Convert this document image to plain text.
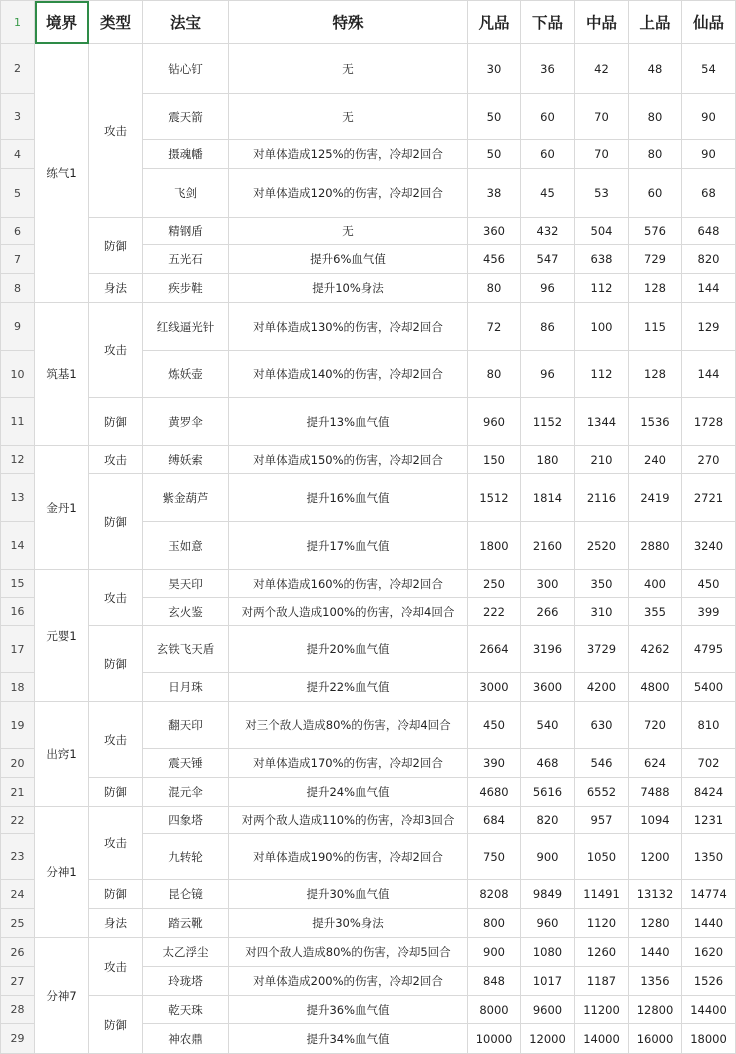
1	境界	类型	法宝	特殊	凡品	下品	中品	上品	仙品
2	练气1	攻击	钻心钉	无	30	36	42	48	54
3			震天箭	无	50	60	70	80	90
4			摄魂幡	对单体造成125%的伤害，冷却2回合	50	60	70	80	90
5			飞剑	对单体造成120%的伤害，冷却2回合	38	45	53	60	68
6		防御	精钢盾	无	360	432	504	576	648
7			五光石	提升6%血气值	456	547	638	729	820
8		身法	疾步鞋	提升10%身法	80	96	112	128	144
9	筑基1	攻击	红线逼光针	对单体造成130%的伤害，冷却2回合	72	86	100	115	129
10			炼妖壶	对单体造成140%的伤害，冷却2回合	80	96	112	128	144
11		防御	黄罗伞	提升13%血气值	960	1152	1344	1536	1728
12	金丹1	攻击	缚妖索	对单体造成150%的伤害，冷却2回合	150	180	210	240	270
13		防御	紫金葫芦	提升16%血气值	1512	1814	2116	2419	2721
14			玉如意	提升17%血气值	1800	2160	2520	2880	3240
15	元婴1	攻击	昊天印	对单体造成160%的伤害，冷却2回合	250	300	350	400	450
16			玄火鉴	对两个敌人造成100%的伤害，冷却4回合	222	266	310	355	399
17		防御	玄铁飞天盾	提升20%血气值	2664	3196	3729	4262	4795
18			日月珠	提升22%血气值	3000	3600	4200	4800	5400
19	出窍1	攻击	翻天印	对三个敌人造成80%的伤害，冷却4回合	450	540	630	720	810
20			震天锤	对单体造成170%的伤害，冷却2回合	390	468	546	624	702
21		防御	混元伞	提升24%血气值	4680	5616	6552	7488	8424
22	分神1	攻击	四象塔	对两个敌人造成110%的伤害，冷却3回合	684	820	957	1094	1231
23			九转轮	对单体造成190%的伤害，冷却2回合	750	900	1050	1200	1350
24		防御	昆仑镜	提升30%血气值	8208	9849	11491	13132	14774
25		身法	踏云靴	提升30%身法	800	960	1120	1280	1440
26	分神7	攻击	太乙浮尘	对四个敌人造成80%的伤害，冷却5回合	900	1080	1260	1440	1620
27			玲珑塔	对单体造成200%的伤害，冷却2回合	848	1017	1187	1356	1526
28		防御	乾天珠	提升36%血气值	8000	9600	11200	12800	14400
29			神农鼎	提升34%血气值	10000	12000	14000	16000	18000
